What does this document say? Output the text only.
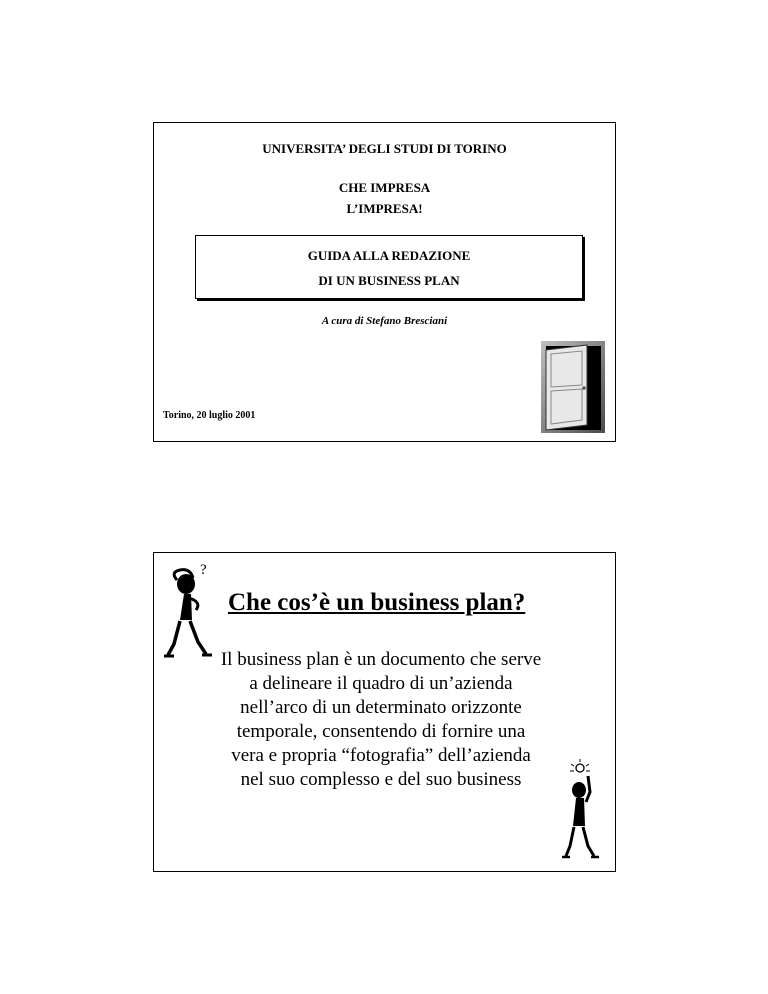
UNIVERSITA’ DEGLI STUDI DI TORINO
CHE IMPRESA
L’IMPRESA!
GUIDA ALLA REDAZIONE
DI UN BUSINESS PLAN
A cura di Stefano Bresciani
Torino, 20 luglio 2001
?
Che cos’è un business plan?
Il business plan è un documento che serve a delineare il quadro di un’azienda nell’arco di un determinato orizzonte temporale, consentendo di fornire una vera e propria “fotografia” dell’azienda nel suo complesso e del suo business
